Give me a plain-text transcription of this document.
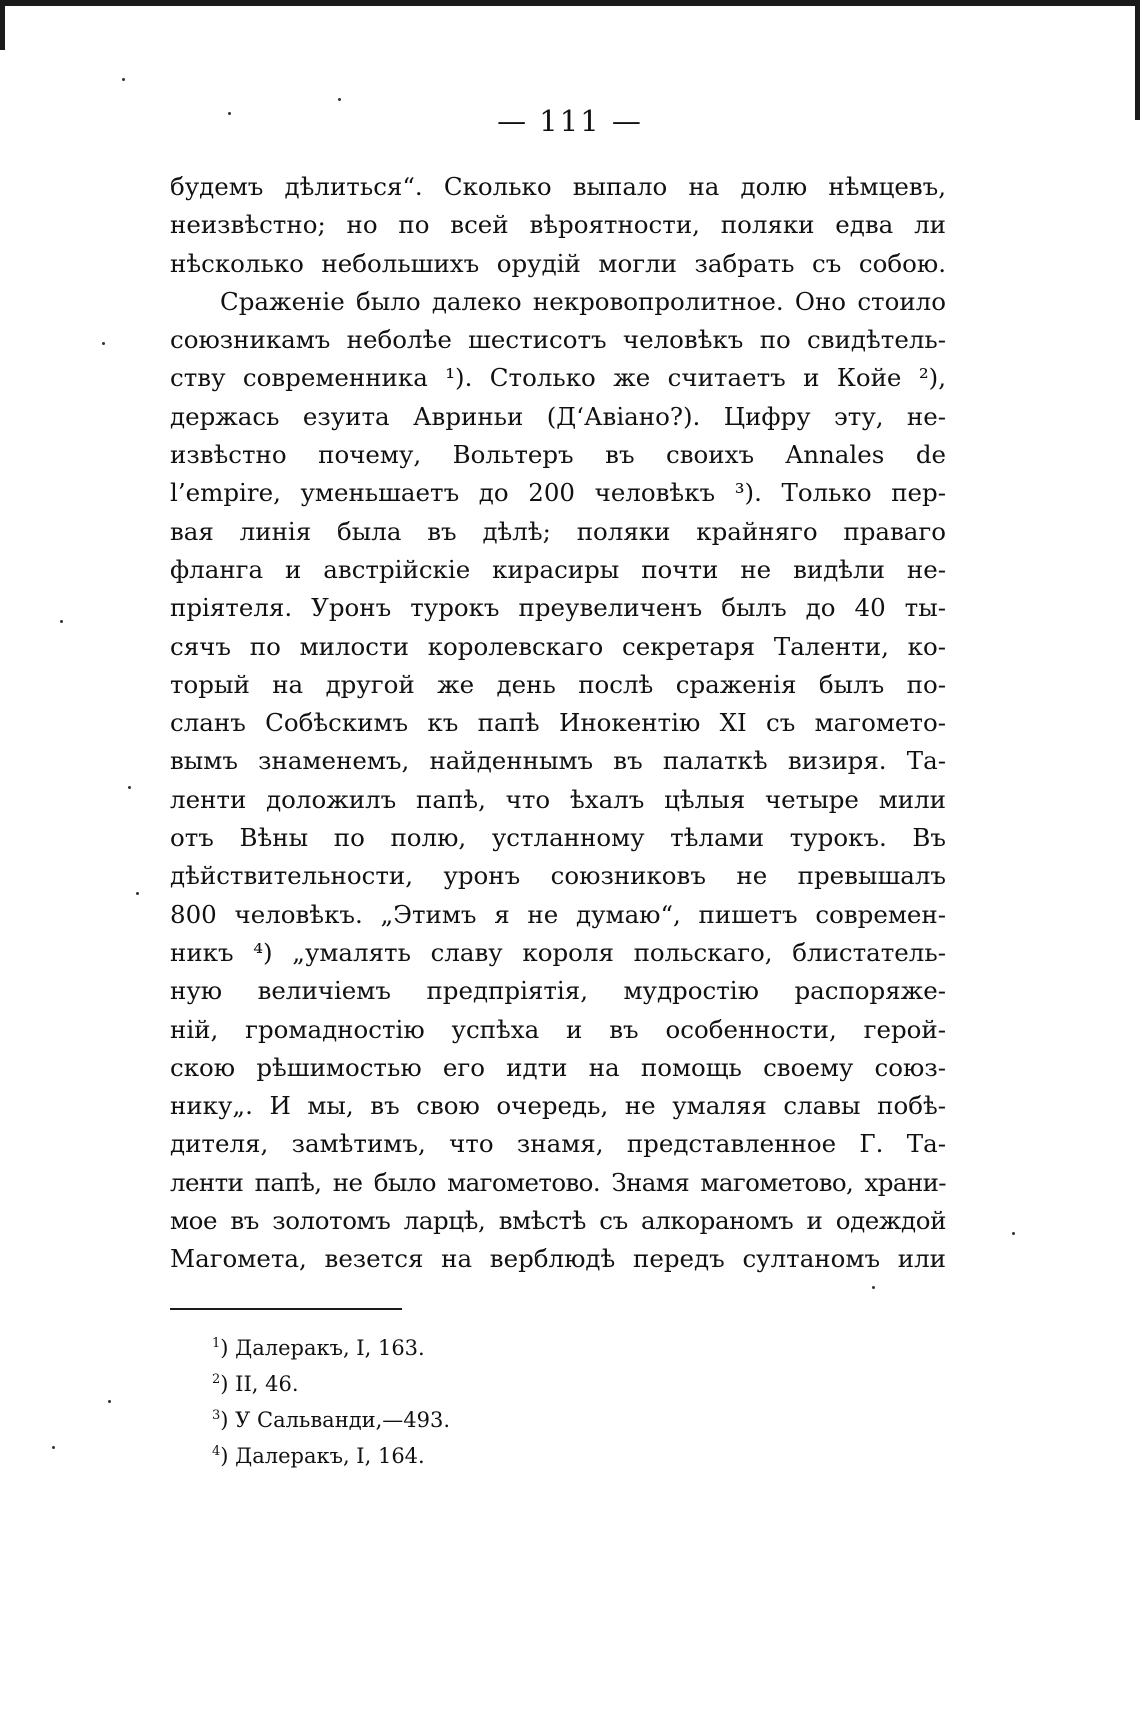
— 111 —
будемъ дѣлиться“. Сколько выпало на долю нѣмцевъ,
неизвѣстно; но по всей вѣроятности, поляки едва ли
нѣсколько небольшихъ орудій могли забрать съ собою.
Сраженіе было далеко некровопролитное. Оно стоило
союзникамъ неболѣе шестисотъ человѣкъ по свидѣтель-
ству современника ¹). Столько же считаетъ и Койе ²),
держась езуита Авриньи (Д‘Авіано?). Цифру эту, не-
извѣстно почему, Вольтеръ въ своихъ Annales de
l’empire, уменьшаетъ до 200 человѣкъ ³). Только пер-
вая линія была въ дѣлѣ; поляки крайняго праваго
фланга и австрійскіе кирасиры почти не видѣли не-
пріятеля. Уронъ турокъ преувеличенъ былъ до 40 ты-
сячъ по милости королевскаго секретаря Таленти, ко-
торый на другой же день послѣ сраженія былъ по-
сланъ Собѣскимъ къ папѣ Инокентію XI съ магомето-
вымъ знаменемъ, найденнымъ въ палаткѣ визиря. Та-
ленти доложилъ папѣ, что ѣхалъ цѣлыя четыре мили
отъ Вѣны по полю, устланному тѣлами турокъ. Въ
дѣйствительности, уронъ союзниковъ не превышалъ
800 человѣкъ. „Этимъ я не думаю“, пишетъ современ-
никъ ⁴) „умалять славу короля польскаго, блистатель-
ную величіемъ предпріятія, мудростію распоряже-
ній, громадностію успѣха и въ особенности, герой-
скою рѣшимостью его идти на помощь своему союз-
нику„. И мы, въ свою очередь, не умаляя славы побѣ-
дителя, замѣтимъ, что знамя, представленное Г. Та-
ленти папѣ, не было магометово. Знамя магометово, храни-
мое въ золотомъ ларцѣ, вмѣстѣ съ алкораномъ и одеждой
Магомета, везется на верблюдѣ передъ султаномъ или
$^1$) Далеракъ, I, 163.
$^2$) II, 46.
$^3$) У Сальванди,—493.
$^4$) Далеракъ, I, 164.
